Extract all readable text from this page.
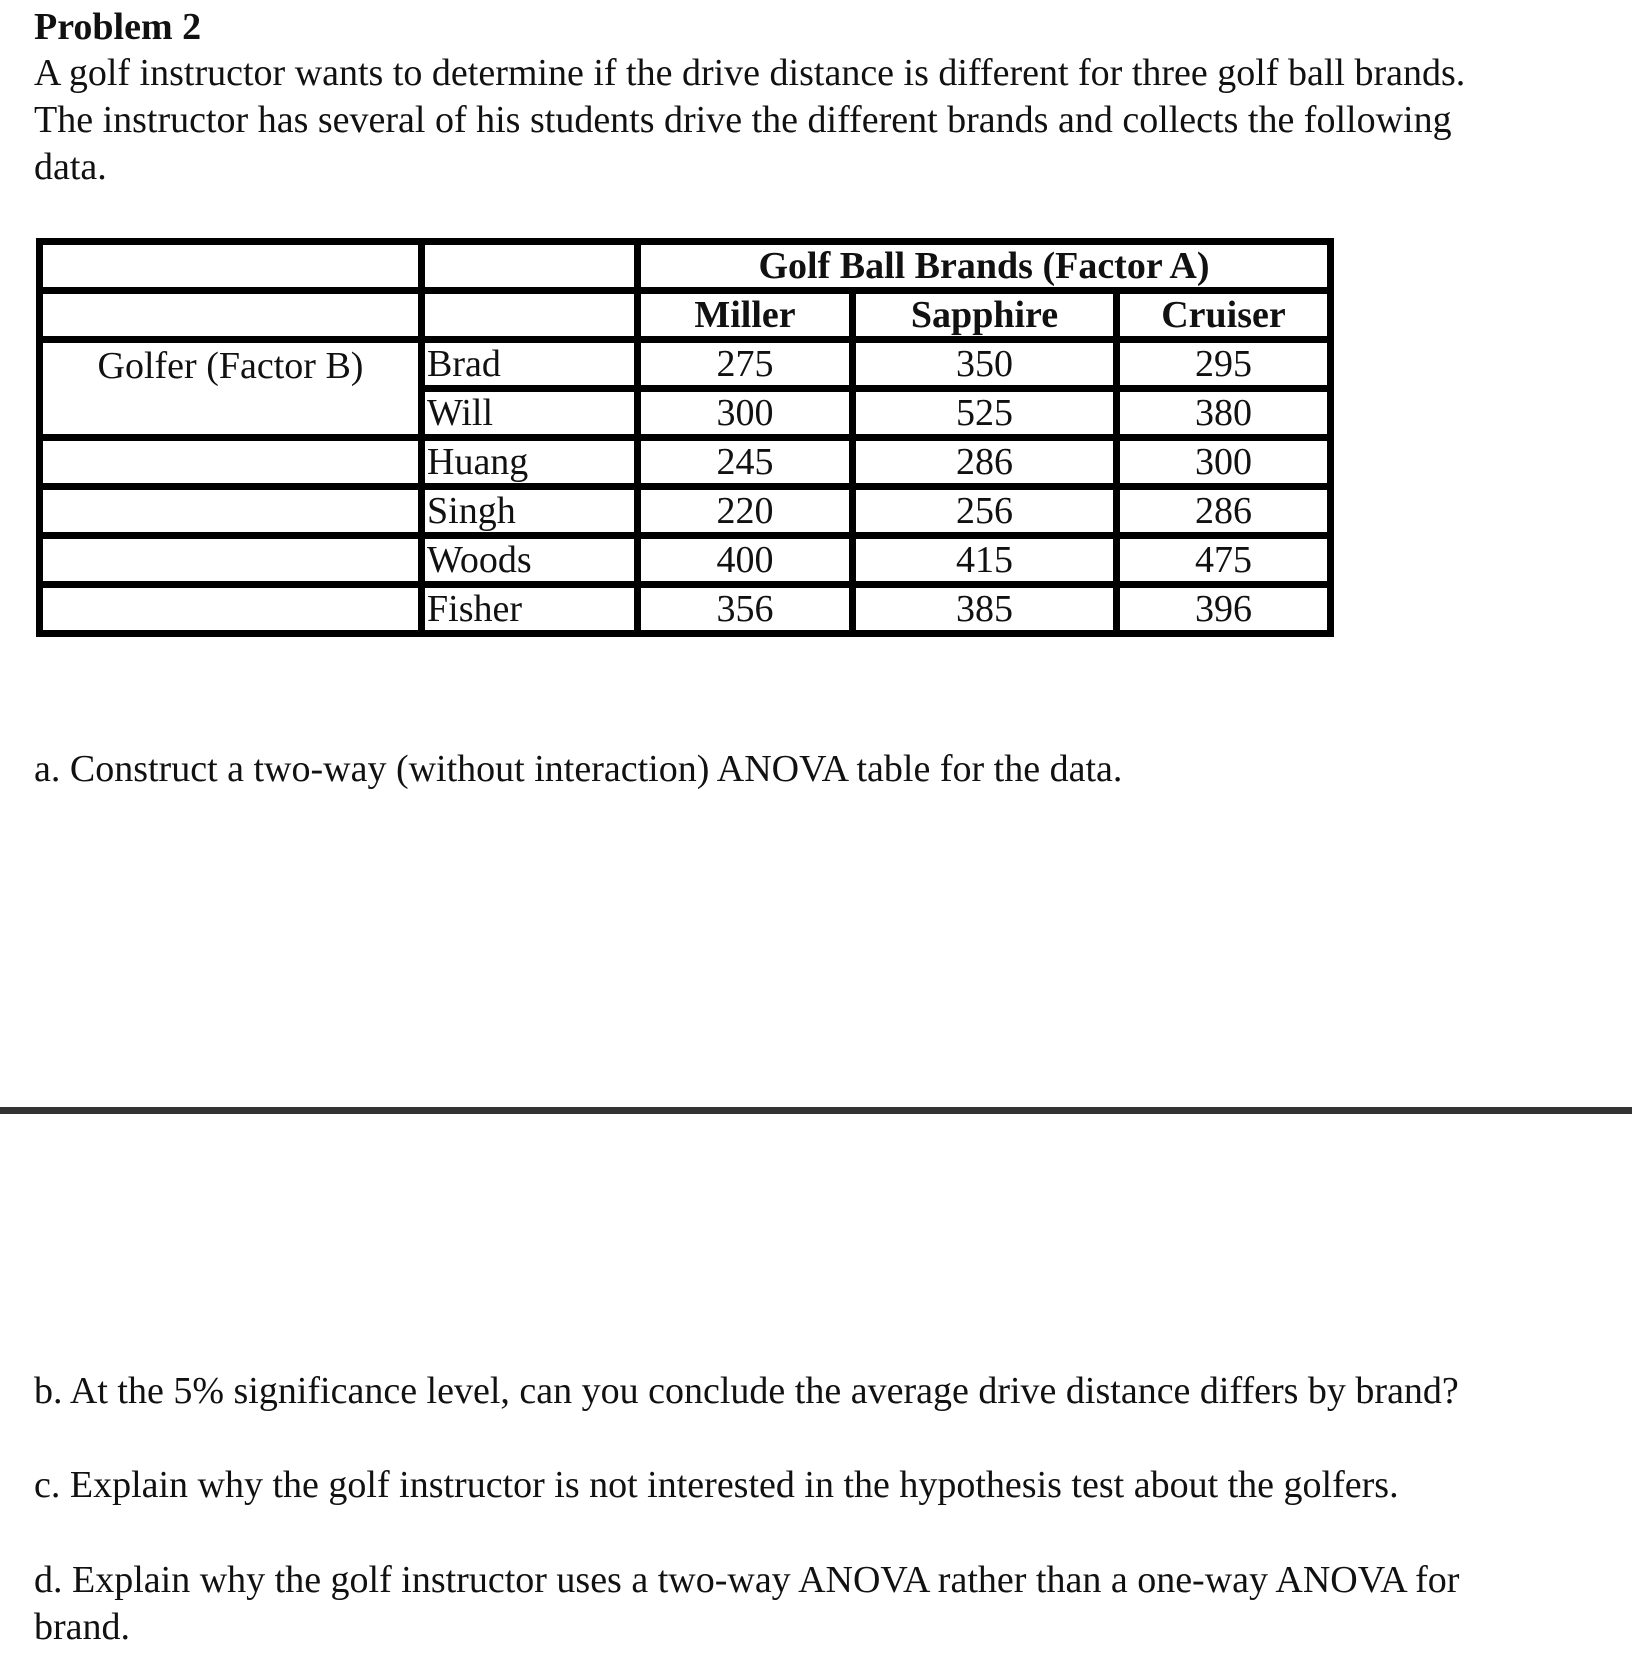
Problem 2

A golf instructor wants to determine if the drive distance is different for three golf ball brands.
The instructor has several of his students drive the different brands and collects the following
data.

		Golf Ball Brands (Factor A)		
		Miller	Sapphire	Cruiser
Golfer (Factor B)	Brad	275	350	295
	Will	300	525	380
	Huang	245	286	300
	Singh	220	256	286
	Woods	400	415	475
	Fisher	356	385	396

a. Construct a two-way (without interaction) ANOVA table for the data.

b. At the 5% significance level, can you conclude the average drive distance differs by brand?

c. Explain why the golf instructor is not interested in the hypothesis test about the golfers.

d. Explain why the golf instructor uses a two-way ANOVA rather than a one-way ANOVA for
brand.
